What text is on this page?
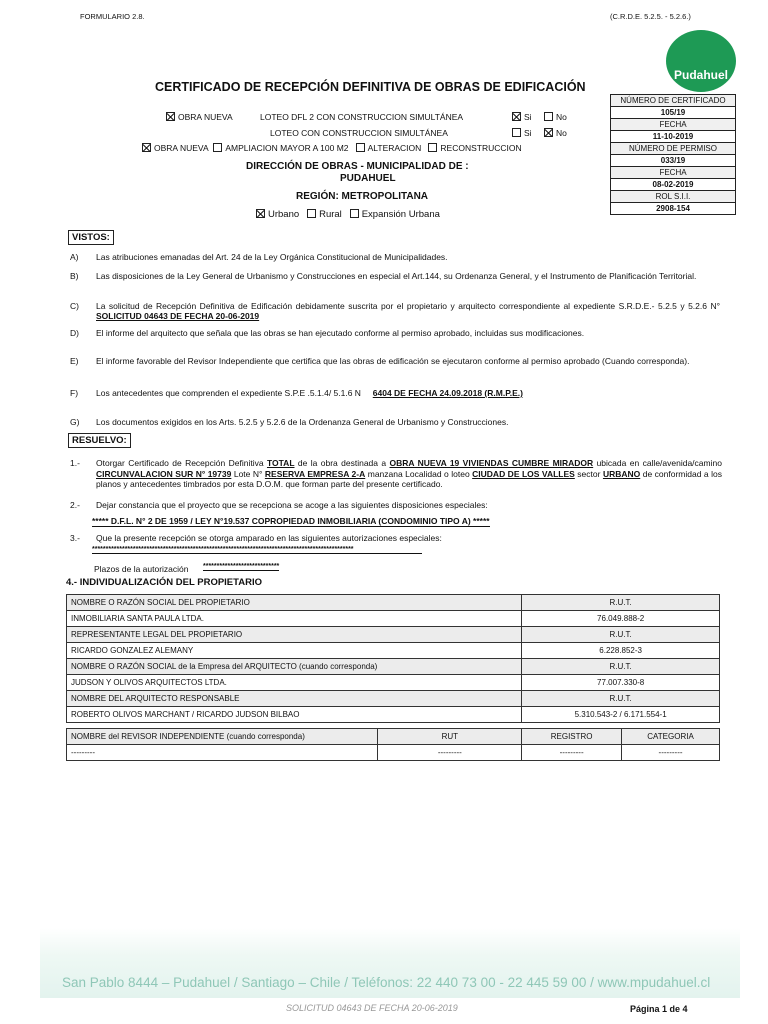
FORMULARIO 2.8.	(C.R.D.E. 5.2.5. - 5.2.6.)
Pudahuel
CERTIFICADO DE RECEPCIÓN DEFINITIVA DE OBRAS DE EDIFICACIÓN
OBRA NUEVA	LOTEO DFL 2 CON CONSTRUCCION SIMULTÁNEA	Si	No
LOTEO CON CONSTRUCCION SIMULTÁNEA	Si	No
OBRA NUEVA AMPLIACION MAYOR A 100 M2 ALTERACION RECONSTRUCCION
DIRECCIÓN DE OBRAS - MUNICIPALIDAD DE :
PUDAHUEL
REGIÓN: METROPOLITANA
Urbano Rural Expansión Urbana
NÚMERO DE CERTIFICADO
105/19
FECHA
11-10-2019
NÚMERO DE PERMISO
033/19
FECHA
08-02-2019
ROL S.I.I.
2908-154
VISTOS:
A) Las atribuciones emanadas del Art. 24 de la Ley Orgánica Constitucional de Municipalidades.
B) Las disposiciones de la Ley General de Urbanismo y Construcciones en especial el Art.144, su Ordenanza General, y el Instrumento de Planificación Territorial.
C) La solicitud de Recepción Definitiva de Edificación debidamente suscrita por el propietario y arquitecto correspondiente al expediente S.R.D.E.- 5.2.5 y 5.2.6 N° SOLICITUD 04643 DE FECHA 20-06-2019
D) El informe del arquitecto que señala que las obras se han ejecutado conforme al permiso aprobado, incluidas sus modificaciones.
E) El informe favorable del Revisor Independiente que certifica que las obras de edificación se ejecutaron conforme al permiso aprobado (Cuando corresponda).
F) Los antecedentes que comprenden el expediente S.P.E .5.1.4/ 5.1.6 N 6404 DE FECHA 24.09.2018 (R.M.P.E.)
G) Los documentos exigidos en los Arts. 5.2.5 y 5.2.6 de la Ordenanza General de Urbanismo y Construcciones.
RESUELVO:
1.- Otorgar Certificado de Recepción Definitiva TOTAL de la obra destinada a OBRA NUEVA 19 VIVIENDAS CUMBRE MIRADOR ubicada en calle/avenida/camino CIRCUNVALACION SUR N° 19739 Lote N° RESERVA EMPRESA 2-A manzana Localidad o loteo CIUDAD DE LOS VALLES sector URBANO de conformidad a los planos y antecedentes timbrados por esta D.O.M. que forman parte del presente certificado.
2.- Dejar constancia que el proyecto que se recepciona se acoge a las siguientes disposiciones especiales:
***** D.F.L. N° 2 DE 1959 / LEY N°19.537 COPROPIEDAD INMOBILIARIA (CONDOMINIO TIPO A) *****
3.- Que la presente recepción se otorga amparado en las siguientes autorizaciones especiales:
************************************************************************************************
Plazos de la autorización ****************************
4.- INDIVIDUALIZACIÓN DEL PROPIETARIO
NOMBRE O RAZÓN SOCIAL DEL PROPIETARIO	R.U.T.
INMOBILIARIA SANTA PAULA LTDA.	76.049.888-2
REPRESENTANTE LEGAL DEL PROPIETARIO	R.U.T.
RICARDO GONZALEZ ALEMANY	6.228.852-3
NOMBRE O RAZÓN SOCIAL de la Empresa del ARQUITECTO (cuando corresponda)	R.U.T.
JUDSON Y OLIVOS ARQUITECTOS LTDA.	77.007.330-8
NOMBRE DEL ARQUITECTO RESPONSABLE	R.U.T.
ROBERTO OLIVOS MARCHANT / RICARDO JUDSON BILBAO	5.310.543-2 / 6.171.554-1
NOMBRE del REVISOR INDEPENDIENTE (cuando corresponda)	RUT	REGISTRO	CATEGORIA
---------	---------	---------	---------
San Pablo 8444 – Pudahuel / Santiago – Chile / Teléfonos: 22 440 73 00 - 22 445 59 00 / www.mpudahuel.cl
SOLICITUD 04643 DE FECHA 20-06-2019	Página 1 de 4
